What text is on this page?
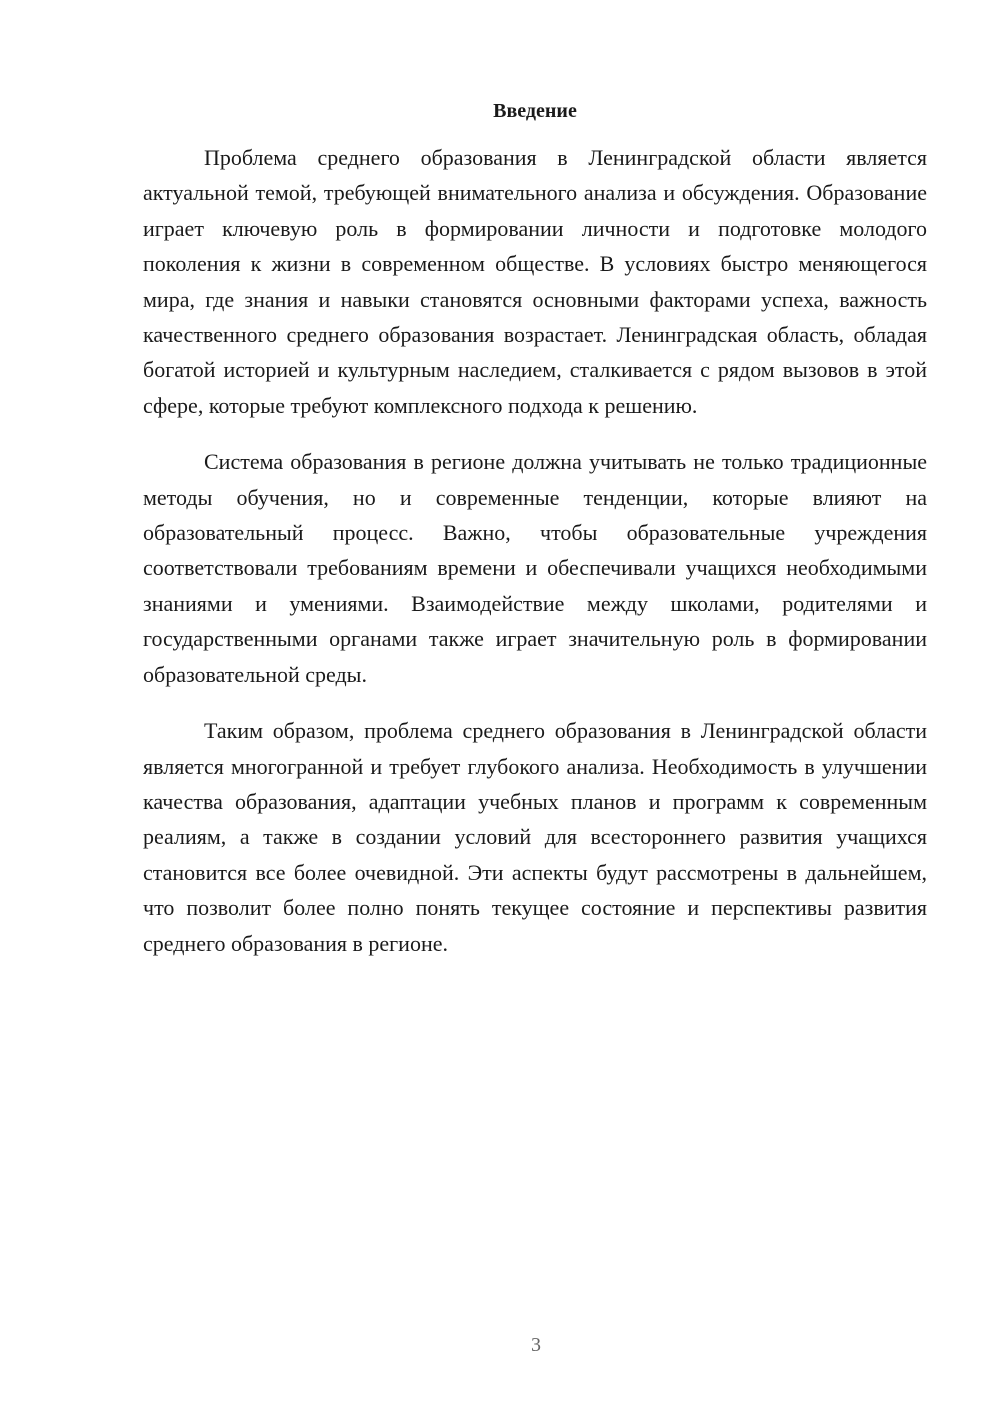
Введение

Проблема среднего образования в Ленинградской области является актуальной темой, требующей внимательного анализа и обсуждения. Образование играет ключевую роль в формировании личности и подготовке молодого поколения к жизни в современном обществе. В условиях быстро меняющегося мира, где знания и навыки становятся основными факторами успеха, важность качественного среднего образования возрастает. Ленинградская область, обладая богатой историей и культурным наследием, сталкивается с рядом вызовов в этой сфере, которые требуют комплексного подхода к решению.

Система образования в регионе должна учитывать не только традиционные методы обучения, но и современные тенденции, которые влияют на образовательный процесс. Важно, чтобы образовательные учреждения соответствовали требованиям времени и обеспечивали учащихся необходимыми знаниями и умениями. Взаимодействие между школами, родителями и государственными органами также играет значительную роль в формировании образовательной среды.

Таким образом, проблема среднего образования в Ленинградской области является многогранной и требует глубокого анализа. Необходимость в улучшении качества образования, адаптации учебных планов и программ к современным реалиям, а также в создании условий для всестороннего развития учащихся становится все более очевидной. Эти аспекты будут рассмотрены в дальнейшем, что позволит более полно понять текущее состояние и перспективы развития среднего образования в регионе.

3
